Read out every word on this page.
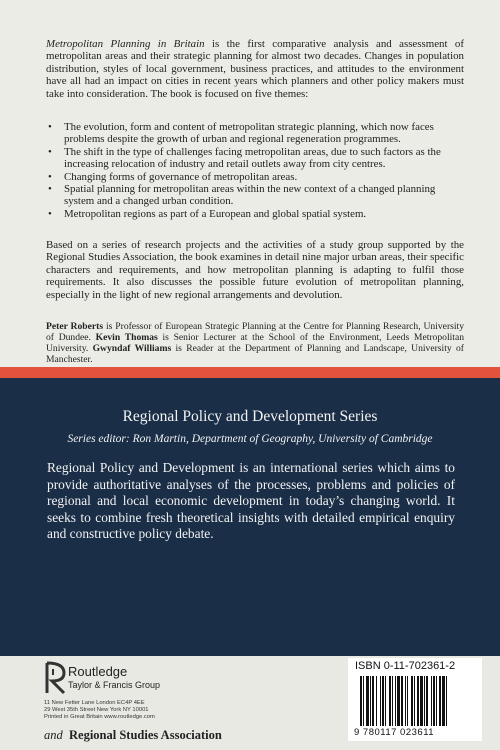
Metropolitan Planning in Britain is the first comparative analysis and assessment of metropolitan areas and their strategic planning for almost two decades. Changes in population distribution, styles of local government, business practices, and attitudes to the environment have all had an impact on cities in recent years which planners and other policy makers must take into consideration. The book is focused on five themes:

• The evolution, form and content of metropolitan strategic planning, which now faces problems despite the growth of urban and regional regeneration programmes.
• The shift in the type of challenges facing metropolitan areas, due to such factors as the increasing relocation of industry and retail outlets away from city centres.
• Changing forms of governance of metropolitan areas.
• Spatial planning for metropolitan areas within the new context of a changed planning system and a changed urban condition.
• Metropolitan regions as part of a European and global spatial system.

Based on a series of research projects and the activities of a study group supported by the Regional Studies Association, the book examines in detail nine major urban areas, their specific characters and requirements, and how metropolitan planning is adapting to fulfil those requirements. It also discusses the possible future evolution of metropolitan planning, especially in the light of new regional arrangements and devolution.

Peter Roberts is Professor of European Strategic Planning at the Centre for Planning Research, University of Dundee. Kevin Thomas is Senior Lecturer at the School of the Environment, Leeds Metropolitan University. Gwyndaf Williams is Reader at the Department of Planning and Landscape, University of Manchester.

Regional Policy and Development Series
Series editor: Ron Martin, Department of Geography, University of Cambridge

Regional Policy and Development is an international series which aims to provide authoritative analyses of the processes, problems and policies of regional and local economic development in today’s changing world. It seeks to combine fresh theoretical insights with detailed empirical enquiry and constructive policy debate.

Routledge
Taylor & Francis Group
11 New Fetter Lane London EC4P 4EE
29 West 35th Street New York NY 10001
Printed in Great Britain www.routledge.com
and Regional Studies Association
ISBN 0-11-702361-2
9 780117 023611
